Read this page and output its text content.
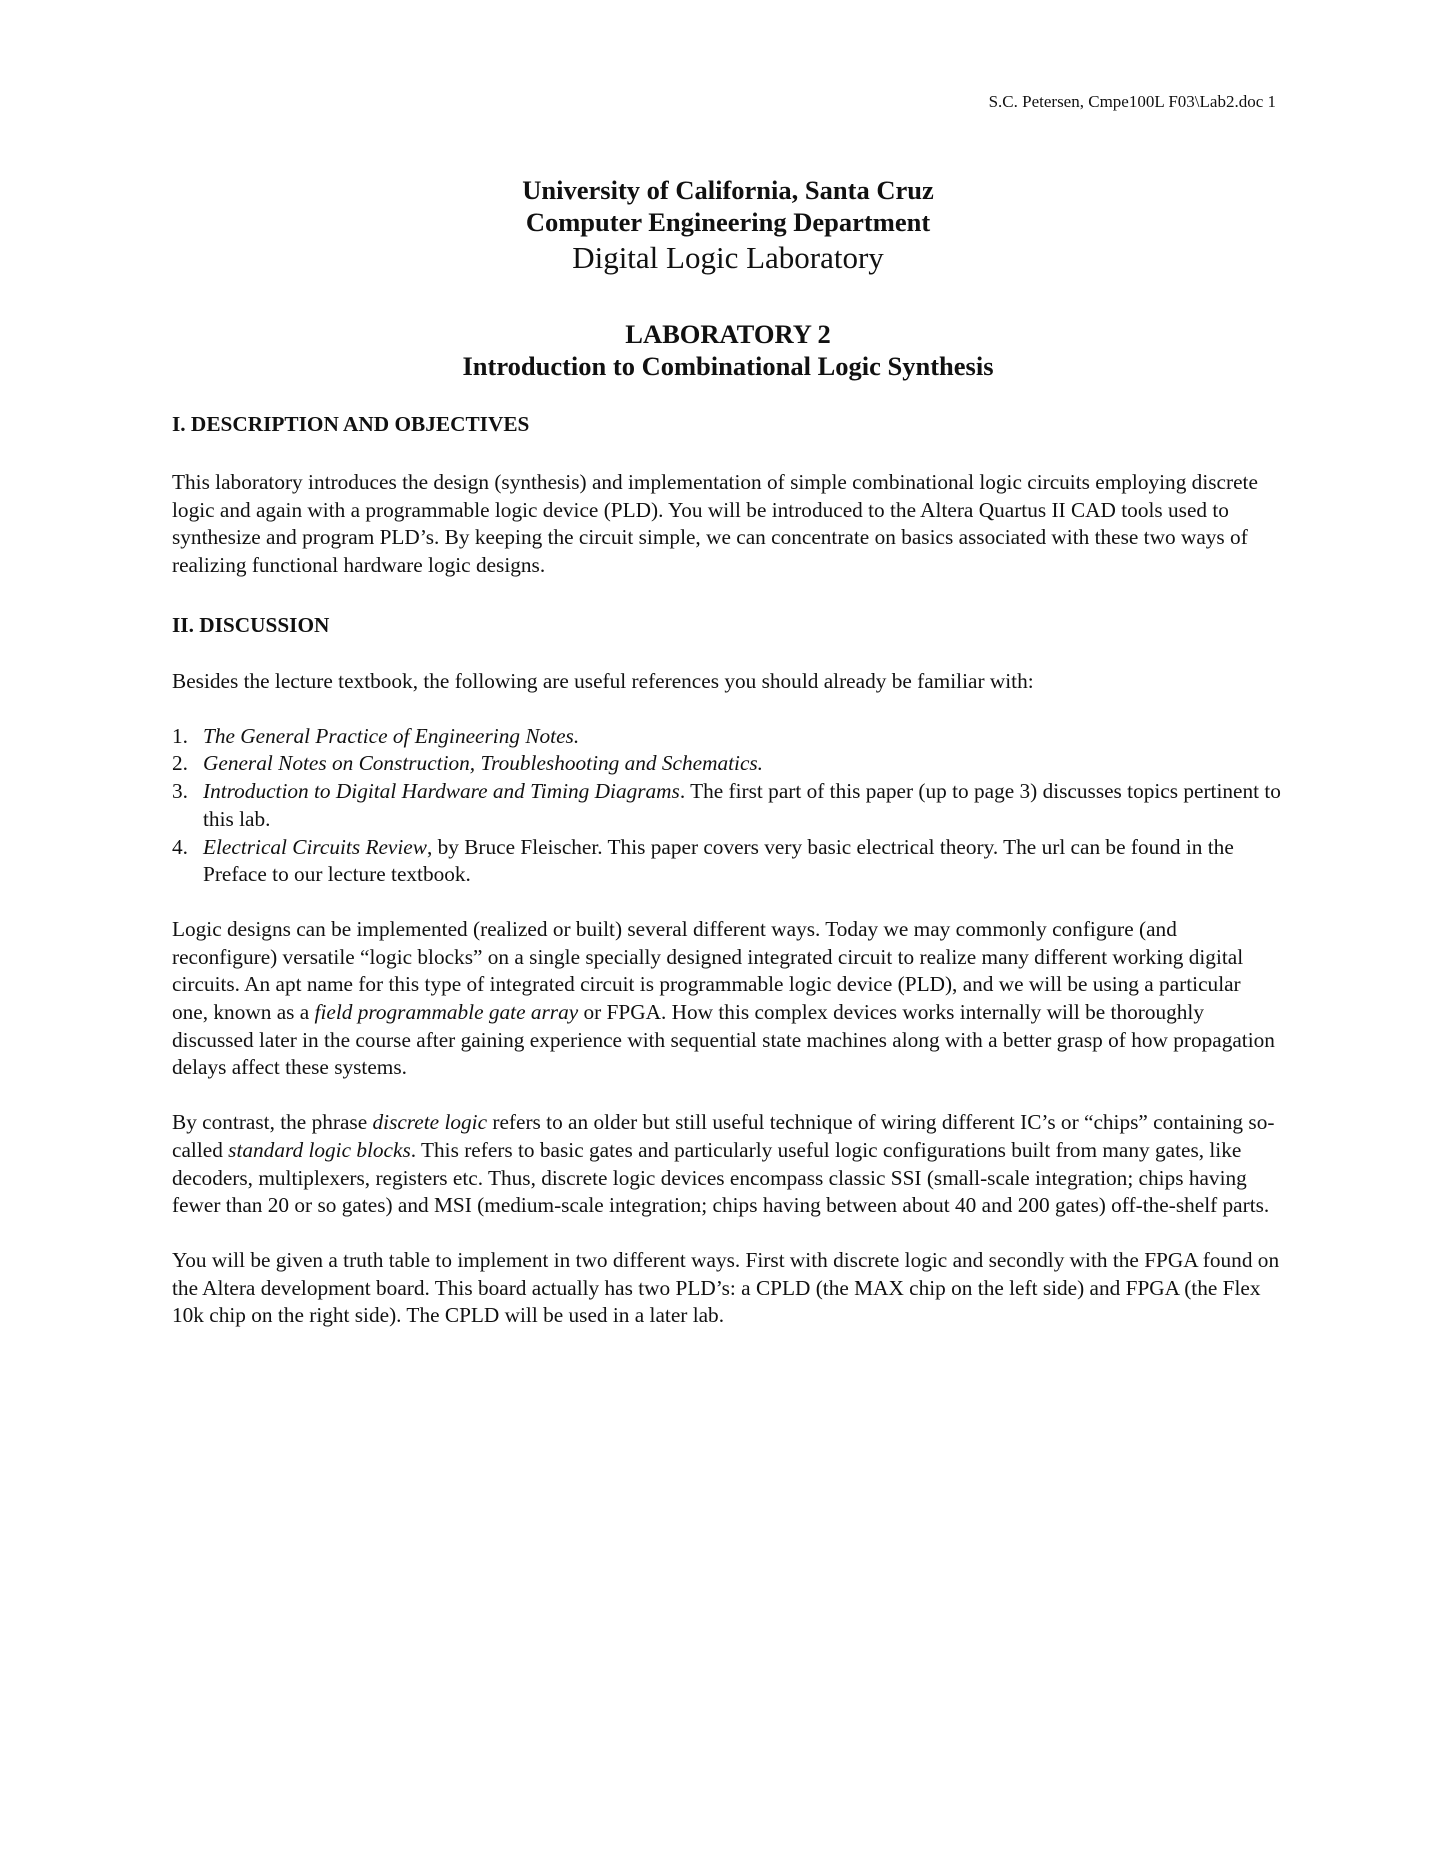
S.C. Petersen, Cmpe100L F03\Lab2.doc 1
University of California, Santa Cruz
Computer Engineering Department
Digital Logic Laboratory
LABORATORY 2
Introduction to Combinational Logic Synthesis
I. DESCRIPTION AND OBJECTIVES

This laboratory introduces the design (synthesis) and implementation of simple combinational logic circuits employing discrete logic and again with a programmable logic device (PLD). You will be introduced to the Altera Quartus II CAD tools used to synthesize and program PLD’s. By keeping the circuit simple, we can concentrate on basics associated with these two ways of realizing functional hardware logic designs.

II. DISCUSSION

Besides the lecture textbook, the following are useful references you should already be familiar with:

1. The General Practice of Engineering Notes.
2. General Notes on Construction, Troubleshooting and Schematics.
3. Introduction to Digital Hardware and Timing Diagrams. The first part of this paper (up to page 3) discusses topics pertinent to this lab.
4. Electrical Circuits Review, by Bruce Fleischer. This paper covers very basic electrical theory. The url can be found in the Preface to our lecture textbook.

Logic designs can be implemented (realized or built) several different ways. Today we may commonly configure (and reconfigure) versatile “logic blocks” on a single specially designed integrated circuit to realize many different working digital circuits. An apt name for this type of integrated circuit is programmable logic device (PLD), and we will be using a particular one, known as a field programmable gate array or FPGA. How this complex devices works internally will be thoroughly discussed later in the course after gaining experience with sequential state machines along with a better grasp of how propagation delays affect these systems.

By contrast, the phrase discrete logic refers to an older but still useful technique of wiring different IC’s or “chips” containing so-called standard logic blocks. This refers to basic gates and particularly useful logic configurations built from many gates, like decoders, multiplexers, registers etc. Thus, discrete logic devices encompass classic SSI (small-scale integration; chips having fewer than 20 or so gates) and MSI (medium-scale integration; chips having between about 40 and 200 gates) off-the-shelf parts.

You will be given a truth table to implement in two different ways. First with discrete logic and secondly with the FPGA found on the Altera development board. This board actually has two PLD’s: a CPLD (the MAX chip on the left side) and FPGA (the Flex 10k chip on the right side). The CPLD will be used in a later lab.
